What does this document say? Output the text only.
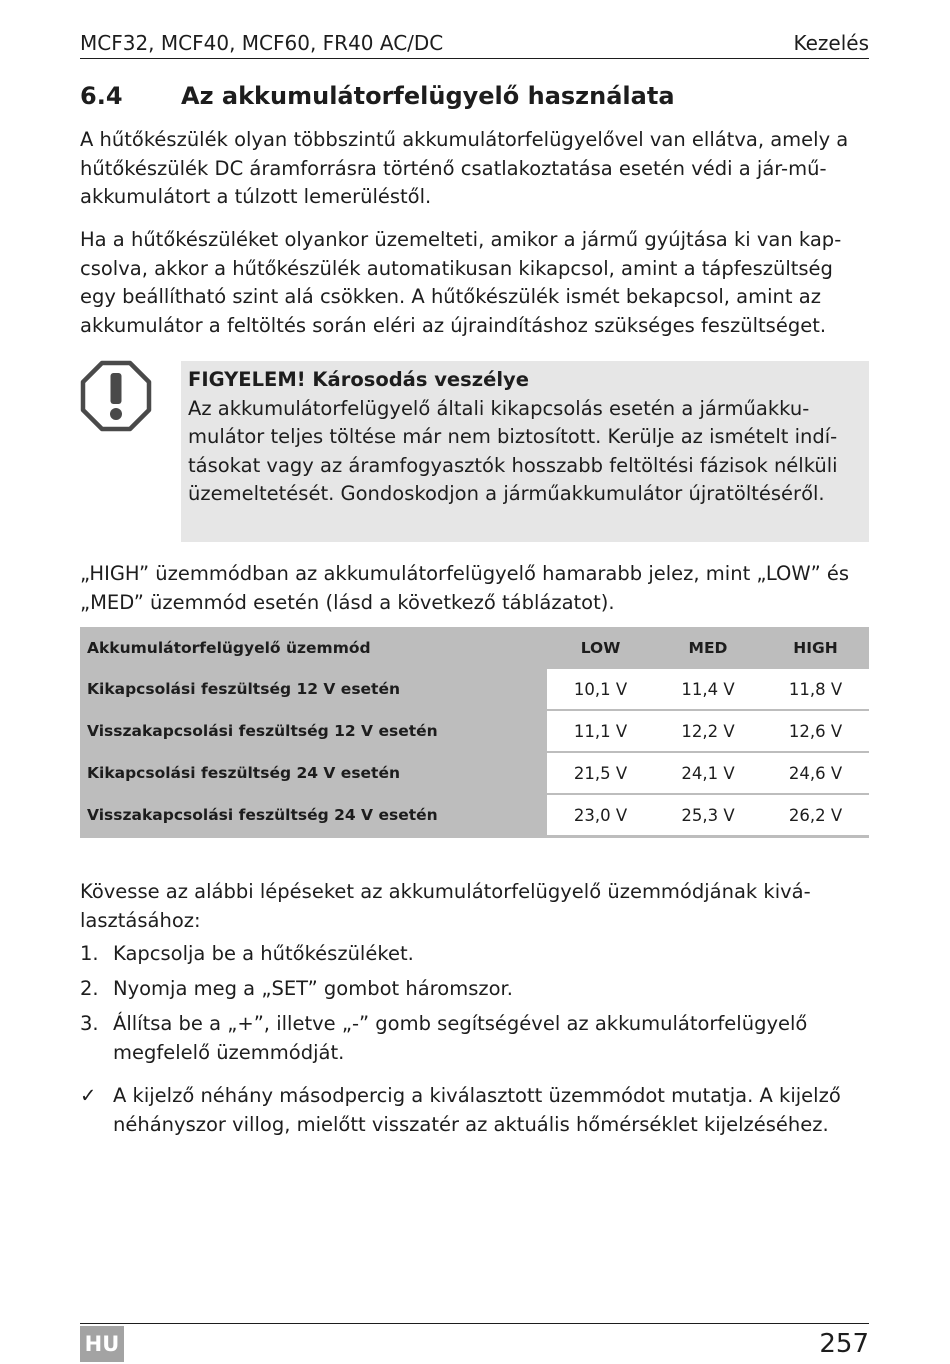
MCF32, MCF40, MCF60, FR40 AC/DC	Kezelés
6.4 Az akkumulátorfelügyelő használata

A hűtőkészülék olyan többszintű akkumulátorfelügyelővel van ellátva, amely a hűtőkészülék DC áramforrásra történő csatlakoztatása esetén védi a jár-műakkumulátort a túlzott lemerüléstől.

Ha a hűtőkészüléket olyankor üzemelteti, amikor a jármű gyújtása ki van kapcsolva, akkor a hűtőkészülék automatikusan kikapcsol, amint a tápfeszültség egy beállítható szint alá csökken. A hűtőkészülék ismét bekapcsol, amint az akkumulátor a feltöltés során eléri az újraindításhoz szükséges feszültséget.

FIGYELEM! Károsodás veszélye
Az akkumulátorfelügyelő általi kikapcsolás esetén a járműakkumulátor teljes töltése már nem biztosított. Kerülje az ismételt indításokat vagy az áramfogyasztók hosszabb feltöltési fázisok nélküli üzemeltetését. Gondoskodjon a járműakkumulátor újratöltéséről.

„HIGH” üzemmódban az akkumulátorfelügyelő hamarabb jelez, mint „LOW” és „MED” üzemmód esetén (lásd a következő táblázatot).

Akkumulátorfelügyelő üzemmód	LOW	MED	HIGH
Kikapcsolási feszültség 12 V esetén	10,1 V	11,4 V	11,8 V
Visszakapcsolási feszültség 12 V esetén	11,1 V	12,2 V	12,6 V
Kikapcsolási feszültség 24 V esetén	21,5 V	24,1 V	24,6 V
Visszakapcsolási feszültség 24 V esetén	23,0 V	25,3 V	26,2 V

Kövesse az alábbi lépéseket az akkumulátorfelügyelő üzemmódjának kiválasztásához:

1. Kapcsolja be a hűtőkészüléket.
2. Nyomja meg a „SET” gombot háromszor.
3. Állítsa be a „+”, illetve „-” gomb segítségével az akkumulátorfelügyelő megfelelő üzemmódját.
✓ A kijelző néhány másodpercig a kiválasztott üzemmódot mutatja. A kijelző néhányszor villog, mielőtt visszatér az aktuális hőmérséklet kijelzéséhez.
HU	257
